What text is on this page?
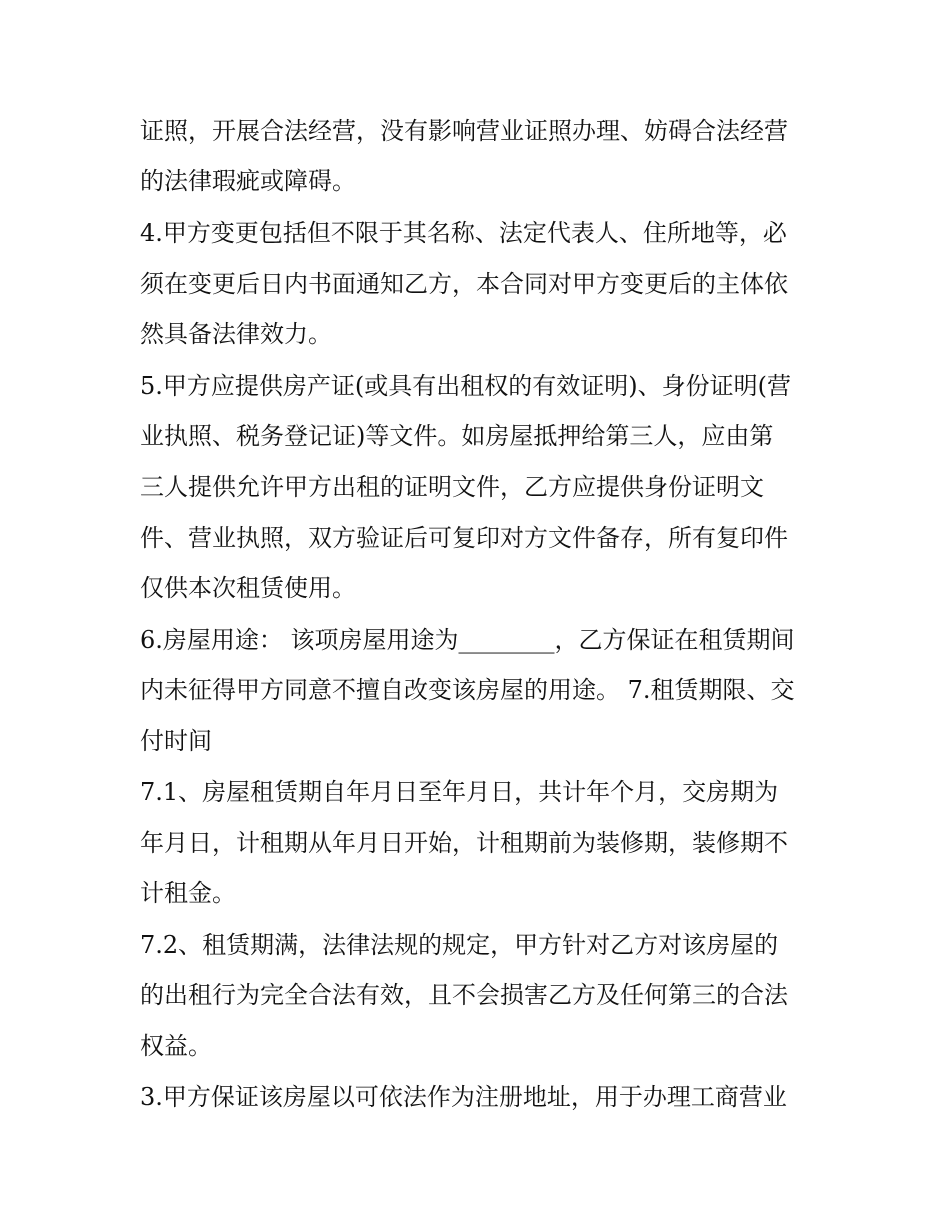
证照，开展合法经营，没有影响营业证照办理、妨碍合法经营
的法律瑕疵或障碍。
4.甲方变更包括但不限于其名称、法定代表人、住所地等，必
须在变更后日内书面通知乙方，本合同对甲方变更后的主体依
然具备法律效力。
5.甲方应提供房产证(或具有出租权的有效证明)、身份证明(营
业执照、税务登记证)等文件。如房屋抵押给第三人，应由第
三人提供允许甲方出租的证明文件，乙方应提供身份证明文
件、营业执照，双方验证后可复印对方文件备存，所有复印件
仅供本次租赁使用。
6.房屋用途： 该项房屋用途为________，乙方保证在租赁期间
内未征得甲方同意不擅自改变该房屋的用途。 7.租赁期限、交
付时间
7.1、房屋租赁期自年月日至年月日，共计年个月，交房期为
年月日，计租期从年月日开始，计租期前为装修期，装修期不
计租金。
7.2、租赁期满，法律法规的规定，甲方针对乙方对该房屋的
的出租行为完全合法有效，且不会损害乙方及任何第三的合法
权益。
3.甲方保证该房屋以可依法作为注册地址，用于办理工商营业
